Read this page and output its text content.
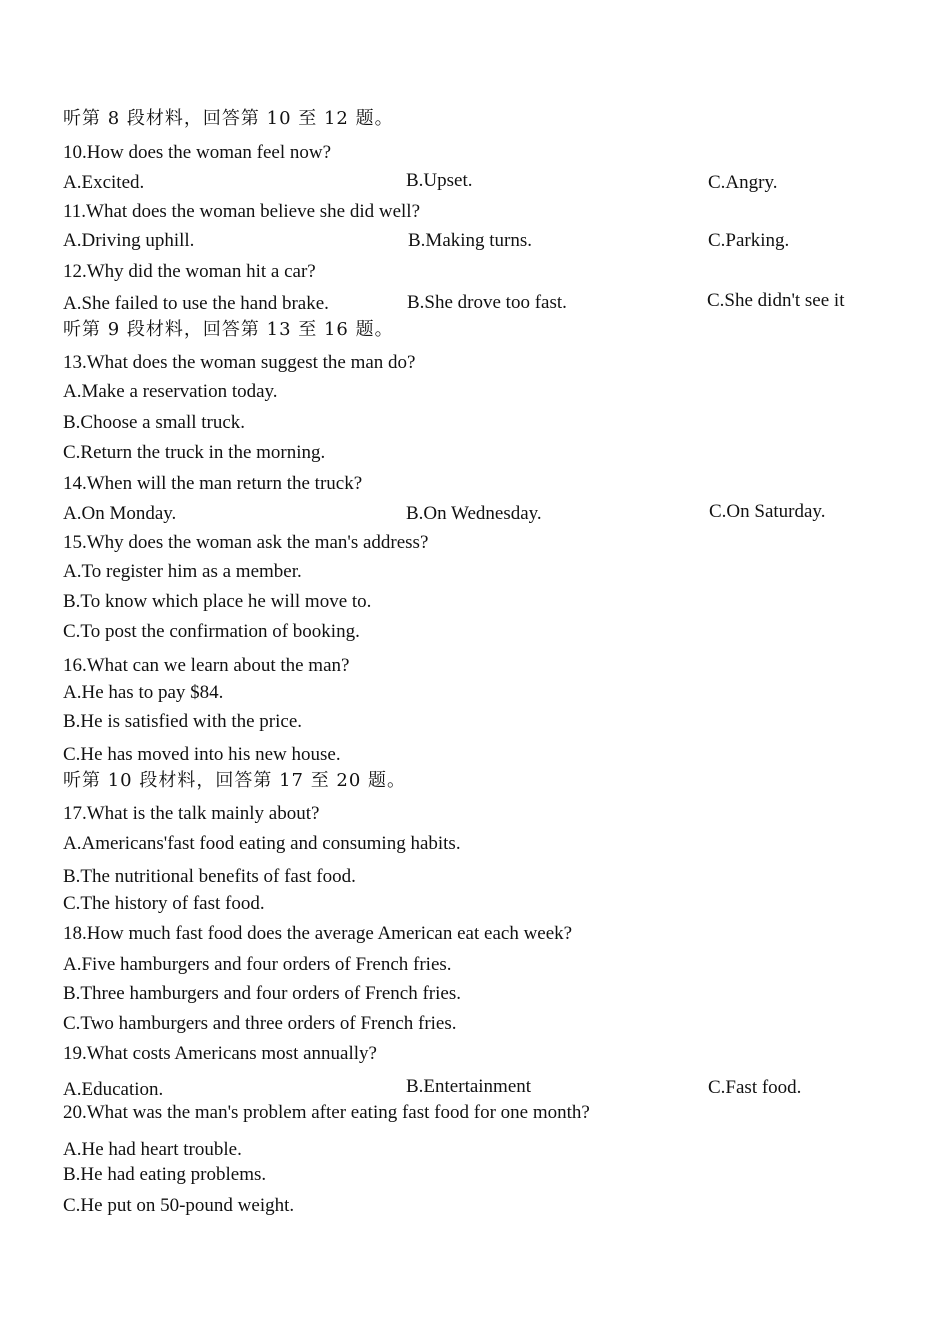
听第 8 段材料，回答第 10 至 12 题。
10.How does the woman feel now?
A.Excited.	B.Upset.	C.Angry.
11.What does the woman believe she did well?
A.Driving uphill.	B.Making turns.	C.Parking.
12.Why did the woman hit a car?
A.She failed to use the hand brake.	B.She drove too fast.	C.She didn't see it
听第 9 段材料，回答第 13 至 16 题。
13.What does the woman suggest the man do?
A.Make a reservation today.
B.Choose a small truck.
C.Return the truck in the morning.
14.When will the man return the truck?
A.On Monday.	B.On Wednesday.	C.On Saturday.
15.Why does the woman ask the man's address?
A.To register him as a member.
B.To know which place he will move to.
C.To post the confirmation of booking.
16.What can we learn about the man?
A.He has to pay $84.
B.He is satisfied with the price.
C.He has moved into his new house.
听第 10 段材料，回答第 17 至 20 题。
17.What is the talk mainly about?
A.Americans'fast food eating and consuming habits.
B.The nutritional benefits of fast food.
C.The history of fast food.
18.How much fast food does the average American eat each week?
A.Five hamburgers and four orders of French fries.
B.Three hamburgers and four orders of French fries.
C.Two hamburgers and three orders of French fries.
19.What costs Americans most annually?
A.Education.	B.Entertainment	C.Fast food.
20.What was the man's problem after eating fast food for one month?
A.He had heart trouble.
B.He had eating problems.
C.He put on 50-pound weight.
